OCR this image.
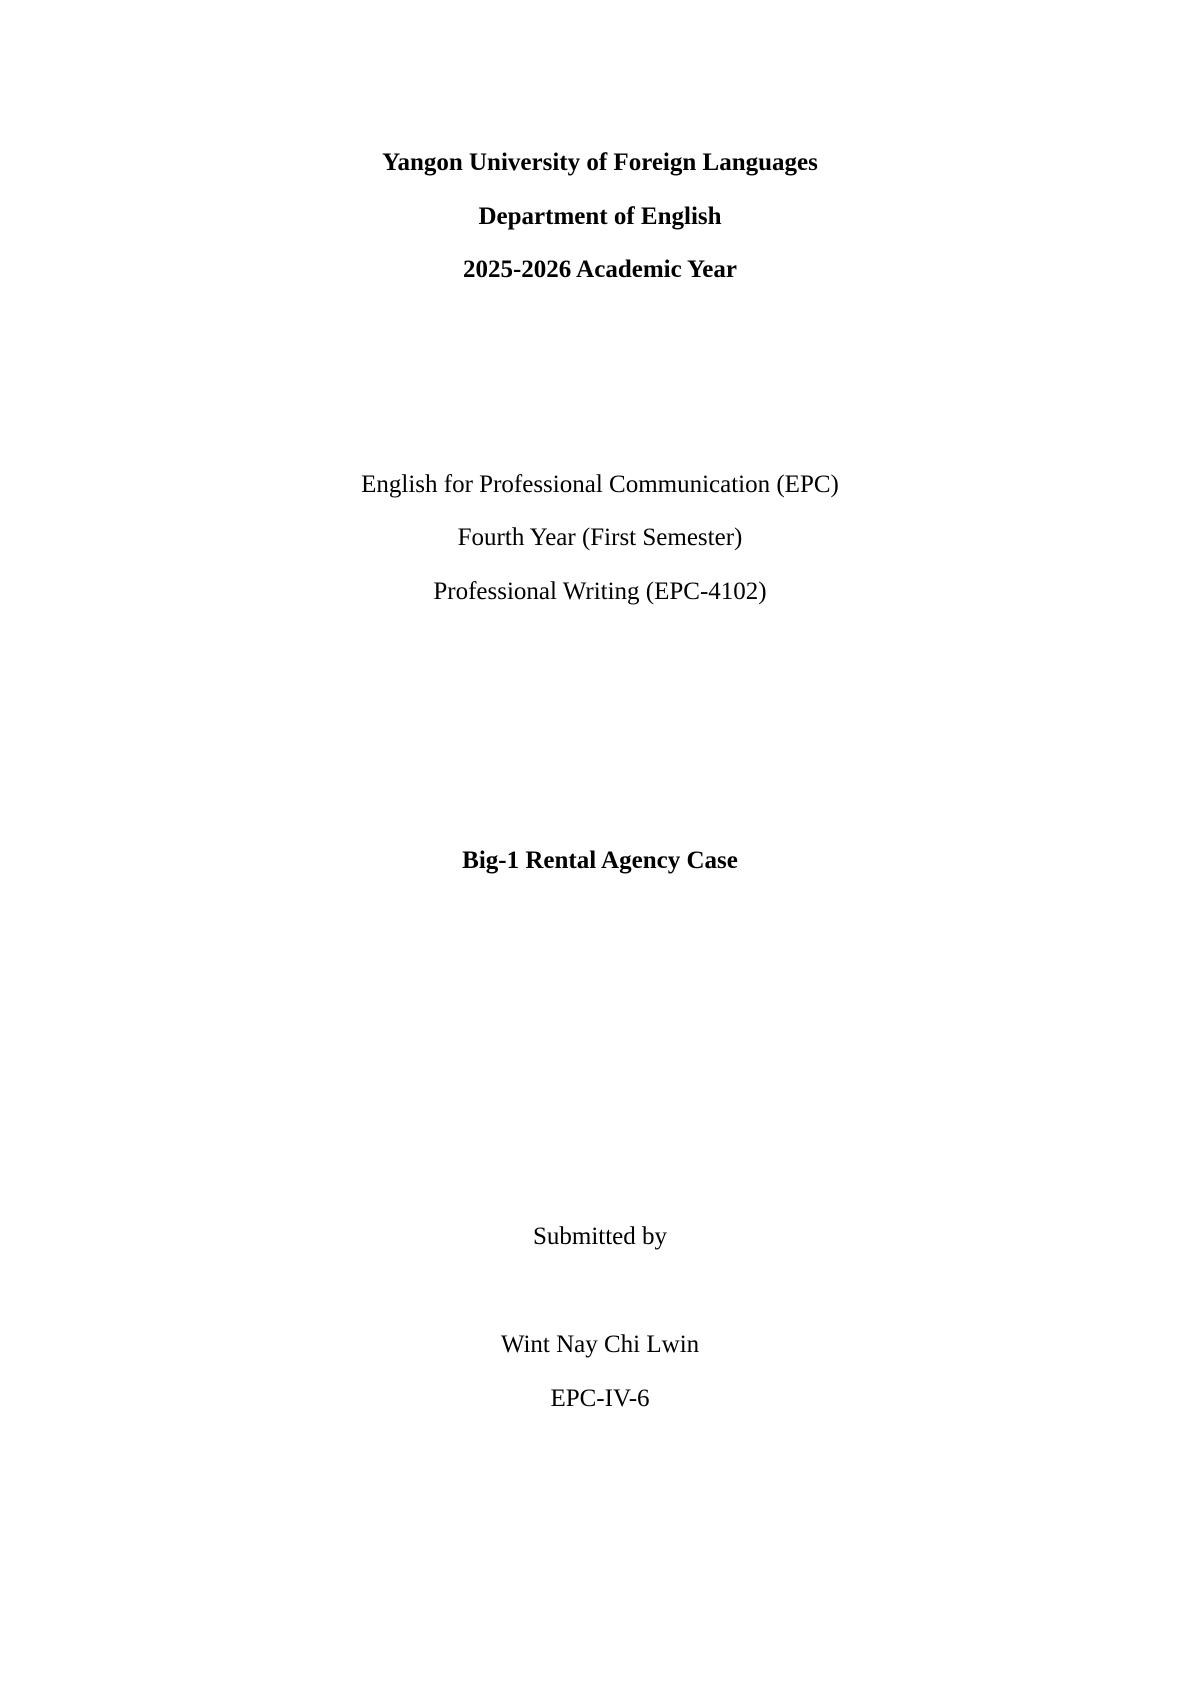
Yangon University of Foreign Languages
Department of English
2025-2026 Academic Year
English for Professional Communication (EPC)
Fourth Year (First Semester)
Professional Writing (EPC-4102)
Big-1 Rental Agency Case
Submitted by
Wint Nay Chi Lwin
EPC-IV-6
